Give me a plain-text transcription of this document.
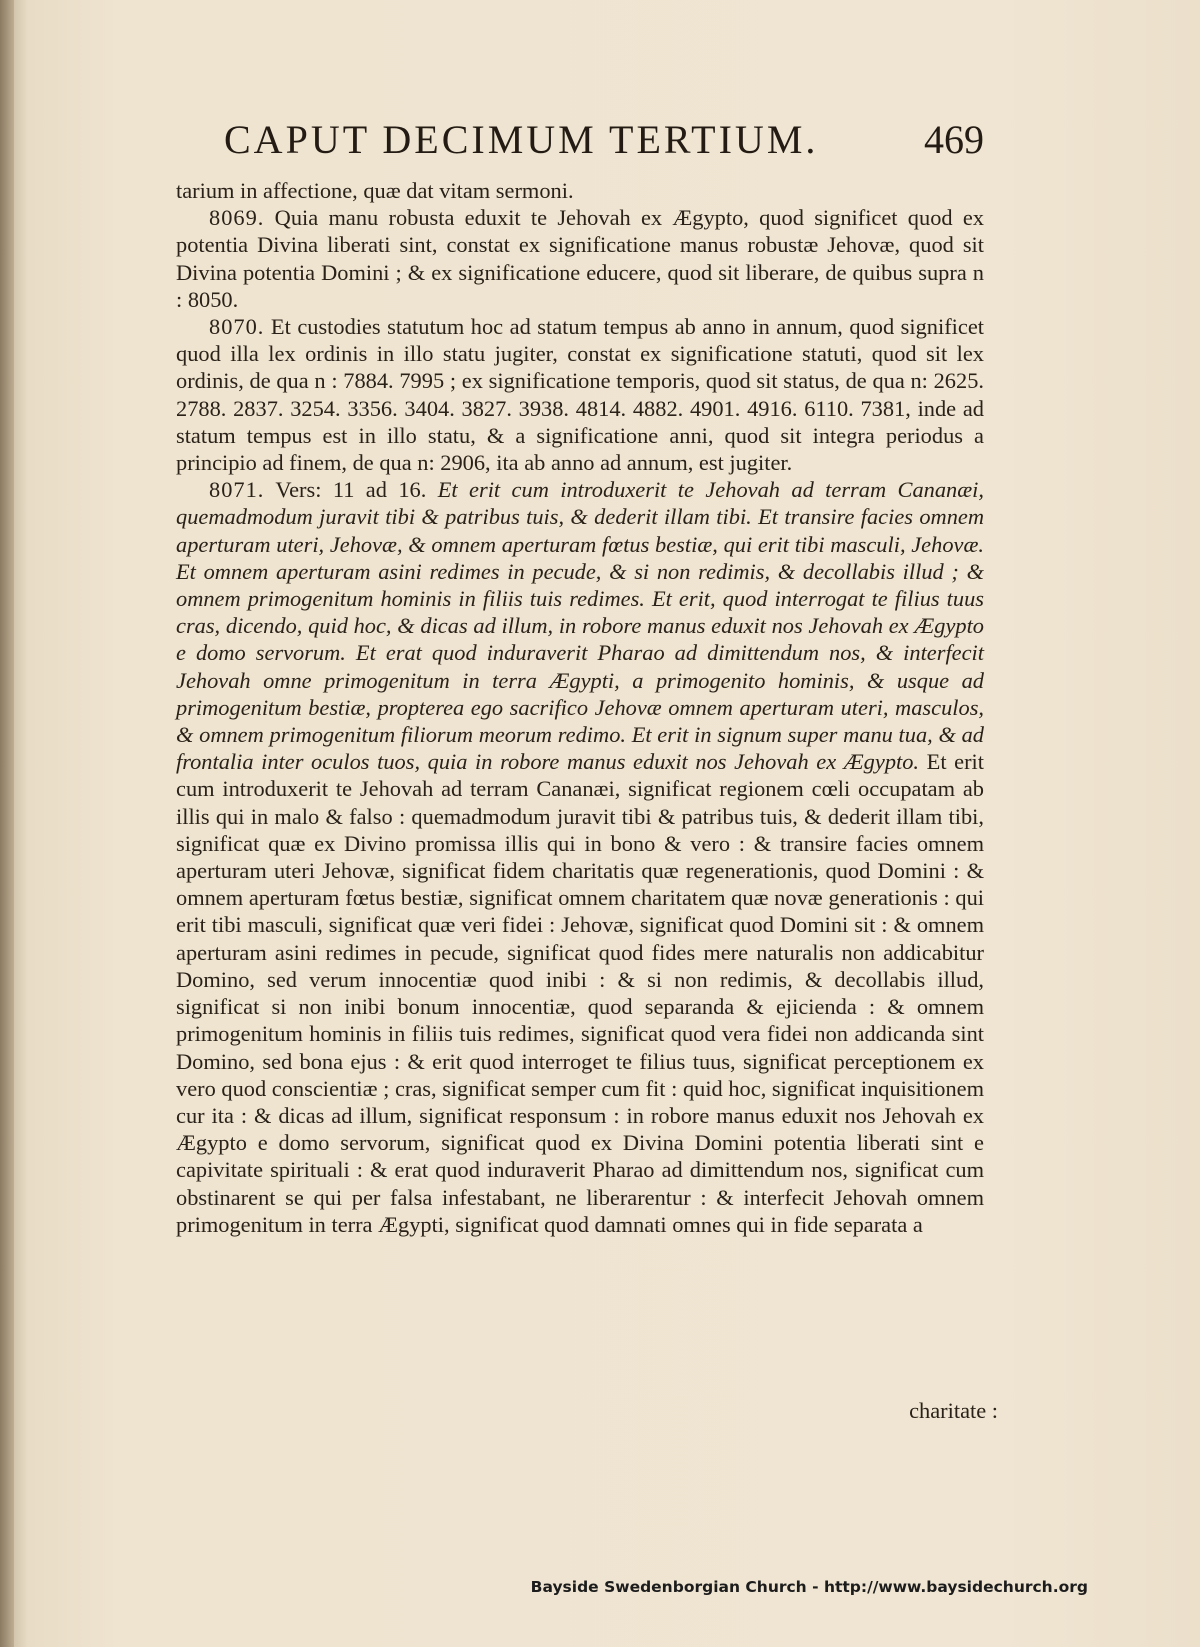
CAPUT DECIMUM TERTIUM.	469

tarium in affectione, quæ dat vitam sermoni.

8069. Quia manu robusta eduxit te Jehovah ex Ægypto, quod significet quod ex potentia Divina liberati sint, constat ex significatione manus robustæ Jehovæ, quod sit Divina potentia Domini ; & ex significatione educere, quod sit liberare, de quibus supra n : 8050.

8070. Et custodies statutum hoc ad statum tempus ab anno in annum, quod significet quod illa lex ordinis in illo statu jugiter, constat ex significatione statuti, quod sit lex ordinis, de qua n : 7884. 7995 ; ex significatione temporis, quod sit status, de qua n: 2625. 2788. 2837. 3254. 3356. 3404. 3827. 3938. 4814. 4882. 4901. 4916. 6110. 7381, inde ad statum tempus est in illo statu, & a significatione anni, quod sit integra periodus a principio ad finem, de qua n: 2906, ita ab anno ad annum, est jugiter.

8071. Vers: 11 ad 16. Et erit cum introduxerit te Jehovah ad terram Cananæi, quemadmodum juravit tibi & patribus tuis, & dederit illam tibi. Et transire facies omnem aperturam uteri, Jehovæ, & omnem aperturam fœtus bestiæ, qui erit tibi masculi, Jehovæ. Et omnem aperturam asini redimes in pecude, & si non redimis, & decollabis illud ; & omnem primogenitum hominis in filiis tuis redimes. Et erit, quod interrogat te filius tuus cras, dicendo, quid hoc, & dicas ad illum, in robore manus eduxit nos Jehovah ex Ægypto e domo servorum. Et erat quod induraverit Pharao ad dimittendum nos, & interfecit Jehovah omne primogenitum in terra Ægypti, a primogenito hominis, & usque ad primogenitum bestiæ, propterea ego sacrifico Jehovæ omnem aperturam uteri, masculos, & omnem primogenitum filiorum meorum redimo. Et erit in signum super manu tua, & ad frontalia inter oculos tuos, quia in robore manus eduxit nos Jehovah ex Ægypto. Et erit cum introduxerit te Jehovah ad terram Cananæi, significat regionem cœli occupatam ab illis qui in malo & falso : quemadmodum juravit tibi & patribus tuis, & dederit illam tibi, significat quæ ex Divino promissa illis qui in bono & vero : & transire facies omnem aperturam uteri Jehovæ, significat fidem charitatis quæ regenerationis, quod Domini : & omnem aperturam fœtus bestiæ, significat omnem charitatem quæ novæ generationis : qui erit tibi masculi, significat quæ veri fidei : Jehovæ, significat quod Domini sit : & omnem aperturam asini redimes in pecude, significat quod fides mere naturalis non addicabitur Domino, sed verum innocentiæ quod inibi : & si non redimis, & decollabis illud, significat si non inibi bonum innocentiæ, quod separanda & ejicienda : & omnem primogenitum hominis in filiis tuis redimes, significat quod vera fidei non addicanda sint Domino, sed bona ejus : & erit quod interroget te filius tuus, significat perceptionem ex vero quod conscientiæ ; cras, significat semper cum fit : quid hoc, significat inquisitionem cur ita : & dicas ad illum, significat responsum : in robore manus eduxit nos Jehovah ex Ægypto e domo servorum, significat quod ex Divina Domini potentia liberati sint e capivitate spirituali : & erat quod induraverit Pharao ad dimittendum nos, significat cum obstinarent se qui per falsa infestabant, ne liberarentur : & interfecit Jehovah omnem primogenitum in terra Ægypti, significat quod damnati omnes qui in fide separata a

charitate :
Bayside Swedenborgian Church - http://www.baysidechurch.org
